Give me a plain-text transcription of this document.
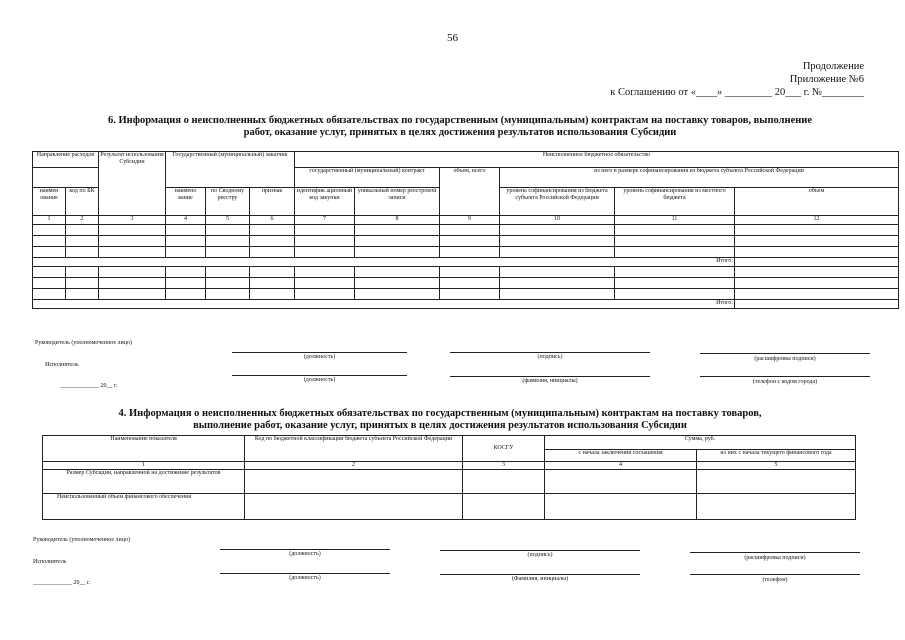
56
Продолжение
Приложение №6
к Соглашению от «____» _________ 20___ г. №________
6. Информация о неисполненных бюджетных обязательствах по государственным (муниципальным) контрактам на поставку товаров, выполнение
работ, оказание услуг, принятых в целях достижения результатов использования Субсидии
Направление расходов		Результат использования Субсидии	Государственный (муниципальный) заказчик			Неисполненное бюджетное обязательство					
						государственный (муниципальный) контракт		объем, всего	из него в размере софинансирования из бюджета субъекта Российской Федерации		
наимен ование	код по БК		наимено вание	по Сводному реестру	признак	идентифик ационный код закупки	уникальный номер реестровой записи		уровень софинансирования из бюджета субъекта Российской Федерации	уровень софинансирования из местного бюджета	объем
1	2	3	4	5	6	7	8	9	10	11	12

Итого:											

Итого:											
Руководитель (уполномоченное лицо)
Исполнитель
(должность)	(подпись)	(расшифровка подписи)
(должность)	(фамилия, инициалы)	(телефон с кодом города)
_____________ 20__ г.
4. Информация о неисполненных бюджетных обязательствах по государственным (муниципальным) контрактам на поставку товаров,
выполнение работ, оказание услуг, принятых в целях достижения результатов использования Субсидии
Наименование показателя	Код по бюджетной классификации бюджета субъекта Российской Федерации	КОСГУ	Сумма, руб.	
			с начала заключения соглашения	из них с начала текущего финансового года
1	2	3	4	5
Размер Субсидии, направленной на достижение результатов				
Неиспользованный объем финансового обеспечения				
Руководитель (уполномоченное лицо)
Исполнитель
(должность)	(подпись)	(расшифровка подписи)
(должность)	(Фамилия, инициалы)	(телефон)
_____________ 20__ г.
